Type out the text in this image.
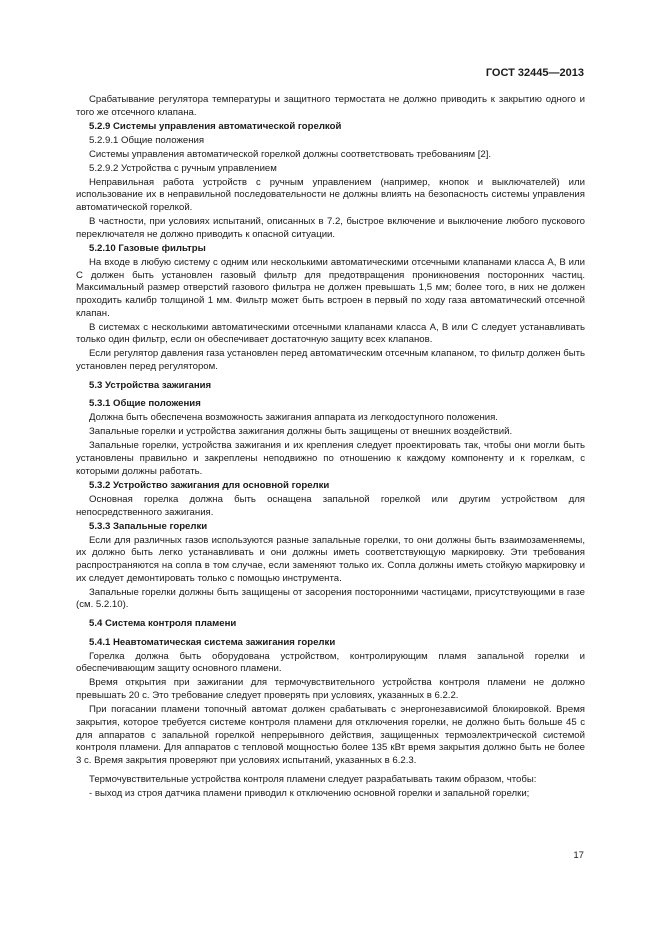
ГОСТ 32445—2013

Срабатывание регулятора температуры и защитного термостата не должно приводить к закрытию одного и того же отсечного клапана.

5.2.9 Системы управления автоматической горелкой

5.2.9.1 Общие положения

Системы управления автоматической горелкой должны соответствовать требованиям [2].

5.2.9.2 Устройства с ручным управлением

Неправильная работа устройств с ручным управлением (например, кнопок и выключателей) или использование их в неправильной последовательности не должны влиять на безопасность системы управления автоматической горелкой.

В частности, при условиях испытаний, описанных в 7.2, быстрое включение и выключение любого пускового переключателя не должно приводить к опасной ситуации.

5.2.10 Газовые фильтры

На входе в любую систему с одним или несколькими автоматическими отсечными клапанами класса А, В или С должен быть установлен газовый фильтр для предотвращения проникновения посторонних частиц. Максимальный размер отверстий газового фильтра не должен превышать 1,5 мм; более того, в них не должен проходить калибр толщиной 1 мм. Фильтр может быть встроен в первый по ходу газа автоматический отсечной клапан.

В системах с несколькими автоматическими отсечными клапанами класса А, В или С следует устанавливать только один фильтр, если он обеспечивает достаточную защиту всех клапанов.

Если регулятор давления газа установлен перед автоматическим отсечным клапаном, то фильтр должен быть установлен перед регулятором.

5.3 Устройства зажигания

5.3.1 Общие положения

Должна быть обеспечена возможность зажигания аппарата из легкодоступного положения.

Запальные горелки и устройства зажигания должны быть защищены от внешних воздействий.

Запальные горелки, устройства зажигания и их крепления следует проектировать так, чтобы они могли быть установлены правильно и закреплены неподвижно по отношению к каждому компоненту и к горелкам, с которыми должны работать.

5.3.2 Устройство зажигания для основной горелки

Основная горелка должна быть оснащена запальной горелкой или другим устройством для непосредственного зажигания.

5.3.3 Запальные горелки

Если для различных газов используются разные запальные горелки, то они должны быть взаимозаменяемы, их должно быть легко устанавливать и они должны иметь соответствующую маркировку. Эти требования распространяются на сопла в том случае, если заменяют только их. Сопла должны иметь стойкую маркировку и их следует демонтировать только с помощью инструмента.

Запальные горелки должны быть защищены от засорения посторонними частицами, присутствующими в газе (см. 5.2.10).

5.4 Система контроля пламени

5.4.1 Неавтоматическая система зажигания горелки

Горелка должна быть оборудована устройством, контролирующим пламя запальной горелки и обеспечивающим защиту основного пламени.

Время открытия при зажигании для термочувствительного устройства контроля пламени не должно превышать 20 с. Это требование следует проверять при условиях, указанных в 6.2.2.

При погасании пламени топочный автомат должен срабатывать с энергонезависимой блокировкой. Время закрытия, которое требуется системе контроля пламени для отключения горелки, не должно быть больше 45 с для аппаратов с запальной горелкой непрерывного действия, защищенных термоэлектрической системой контроля пламени. Для аппаратов с тепловой мощностью более 135 кВт время закрытия должно быть не более 3 с. Время закрытия проверяют при условиях испытаний, указанных в 6.2.3.

Термочувствительные устройства контроля пламени следует разрабатывать таким образом, чтобы:

- выход из строя датчика пламени приводил к отключению основной горелки и запальной горелки;

17
